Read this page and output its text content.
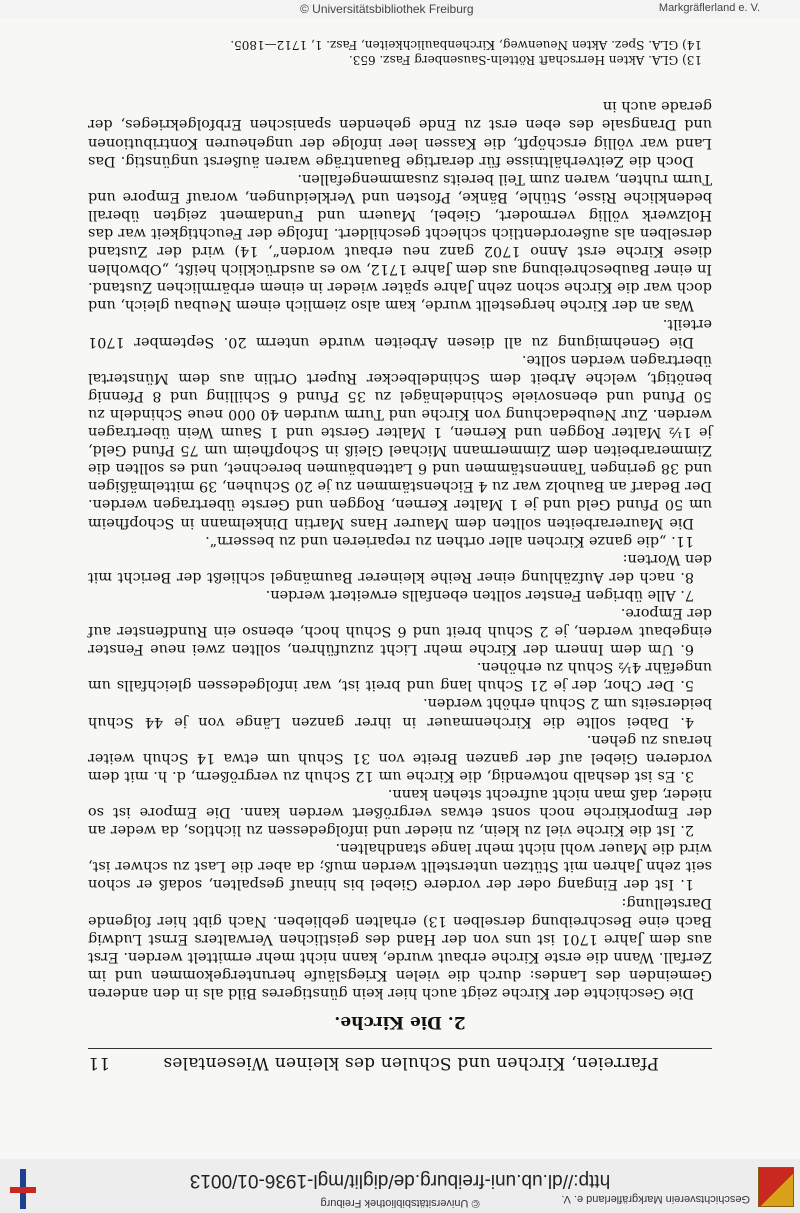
© Universitätsbibliothek Freiburg	Markgräflerland e. V.
Geschichtsverein Markgräflerland e. V.
http://dl.ub.uni-freiburg.de/diglit/mgl-1936-01/0013
© Universitätsbibliothek Freiburg
Pfarreien, Kirchen und Schulen des kleinen Wiesentales
11
2. Die Kirche.

Die Geschichte der Kirche zeigt auch hier kein günstigeres Bild als in den anderen Gemeinden des Landes: durch die vielen Kriegsläufe heruntergekommen und im Zerfall. Wann die erste Kirche erbaut wurde, kann nicht mehr ermittelt werden. Erst aus dem Jahre 1701 ist uns von der Hand des geistlichen Verwalters Ernst Ludwig Bach eine Beschreibung derselben 13) erhalten geblieben. Nach gibt hier folgende Darstellung:

1. Ist der Eingang oder der vordere Giebel bis hinauf gespalten, sodaß er schon seit zehn Jahren mit Stützen unterstellt werden muß; da aber die Last zu schwer ist, wird die Mauer wohl nicht mehr lange standhalten.

2. Ist die Kirche viel zu klein, zu nieder und infolgedessen zu lichtlos, da weder an der Emporkirche noch sonst etwas vergrößert werden kann. Die Empore ist so nieder, daß man nicht aufrecht stehen kann.

3. Es ist deshalb notwendig, die Kirche um 12 Schuh zu vergrößern, d. h. mit dem vorderen Giebel auf der ganzen Breite von 31 Schuh um etwa 14 Schuh weiter heraus zu gehen.

4. Dabei sollte die Kirchenmauer in ihrer ganzen Länge von je 44 Schuh beiderseits um 2 Schuh erhöht werden.

5. Der Chor, der je 21 Schuh lang und breit ist, war infolgedessen gleichfalls um ungefähr 4½ Schuh zu erhöhen.

6. Um dem Innern der Kirche mehr Licht zuzuführen, sollten zwei neue Fenster eingebaut werden, je 2 Schuh breit und 6 Schuh hoch, ebenso ein Rundfenster auf der Empore.

7. Alle übrigen Fenster sollten ebenfalls erweitert werden.

8. nach der Aufzählung einer Reihe kleinerer Baumängel schließt der Bericht mit den Worten:

11. „die ganze Kirchen aller orthen zu reparieren und zu bessern“.

Die Maurerarbeiten sollten dem Maurer Hans Martin Dinkelmann in Schopfheim um 50 Pfund Geld und je 1 Malter Kernen, Roggen und Gerste übertragen werden. Der Bedarf an Bauholz war zu 4 Eichenstämmen zu je 20 Schuhen, 39 mittelmäßigen und 38 geringen Tannenstämmen und 6 Lattenbäumen berechnet, und es sollten die Zimmerarbeiten dem Zimmermann Michael Gleiß in Schopfheim um 75 Pfund Geld, je 1½ Malter Roggen und Kernen, 1 Malter Gerste und 1 Saum Wein übertragen werden. Zur Neubedachung von Kirche und Turm wurden 40 000 neue Schindeln zu 50 Pfund und ebensoviele Schindelnägel zu 35 Pfund 6 Schilling und 8 Pfennig benötigt, welche Arbeit dem Schindelbecker Rupert Ortlin aus dem Münstertal übertragen werden sollte.

Die Genehmigung zu all diesen Arbeiten wurde unterm 20. September 1701 erteilt.

Was an der Kirche hergestellt wurde, kam also ziemlich einem Neubau gleich, und doch war die Kirche schon zehn Jahre später wieder in einem erbärmlichen Zustand. In einer Baubeschreibung aus dem Jahre 1712, wo es ausdrücklich heißt, „Obwohlen diese Kirche erst Anno 1702 ganz neu erbaut worden“, 14) wird der Zustand derselben als außerordentlich schlecht geschildert. Infolge der Feuchtigkeit war das Holzwerk völlig vermodert, Giebel, Mauern und Fundament zeigten überall bedenkliche Risse, Stühle, Bänke, Pfosten und Verkleidungen, worauf Empore und Turm ruhten, waren zum Teil bereits zusammengefallen.

Doch die Zeitverhältnisse für derartige Bauanträge waren äußerst ungünstig. Das Land war völlig erschöpft, die Kassen leer infolge der ungeheuren Kontributionen und Drangsale des eben erst zu Ende gehenden spanischen Erbfolgekrieges, der gerade auch in

13) GLA. Akten Herrschaft Rötteln-Sausenberg Fasz. 653.

14) GLA. Spez. Akten Neuenweg, Kirchenbaulichkeiten, Fasz. 1, 1712—1805.
